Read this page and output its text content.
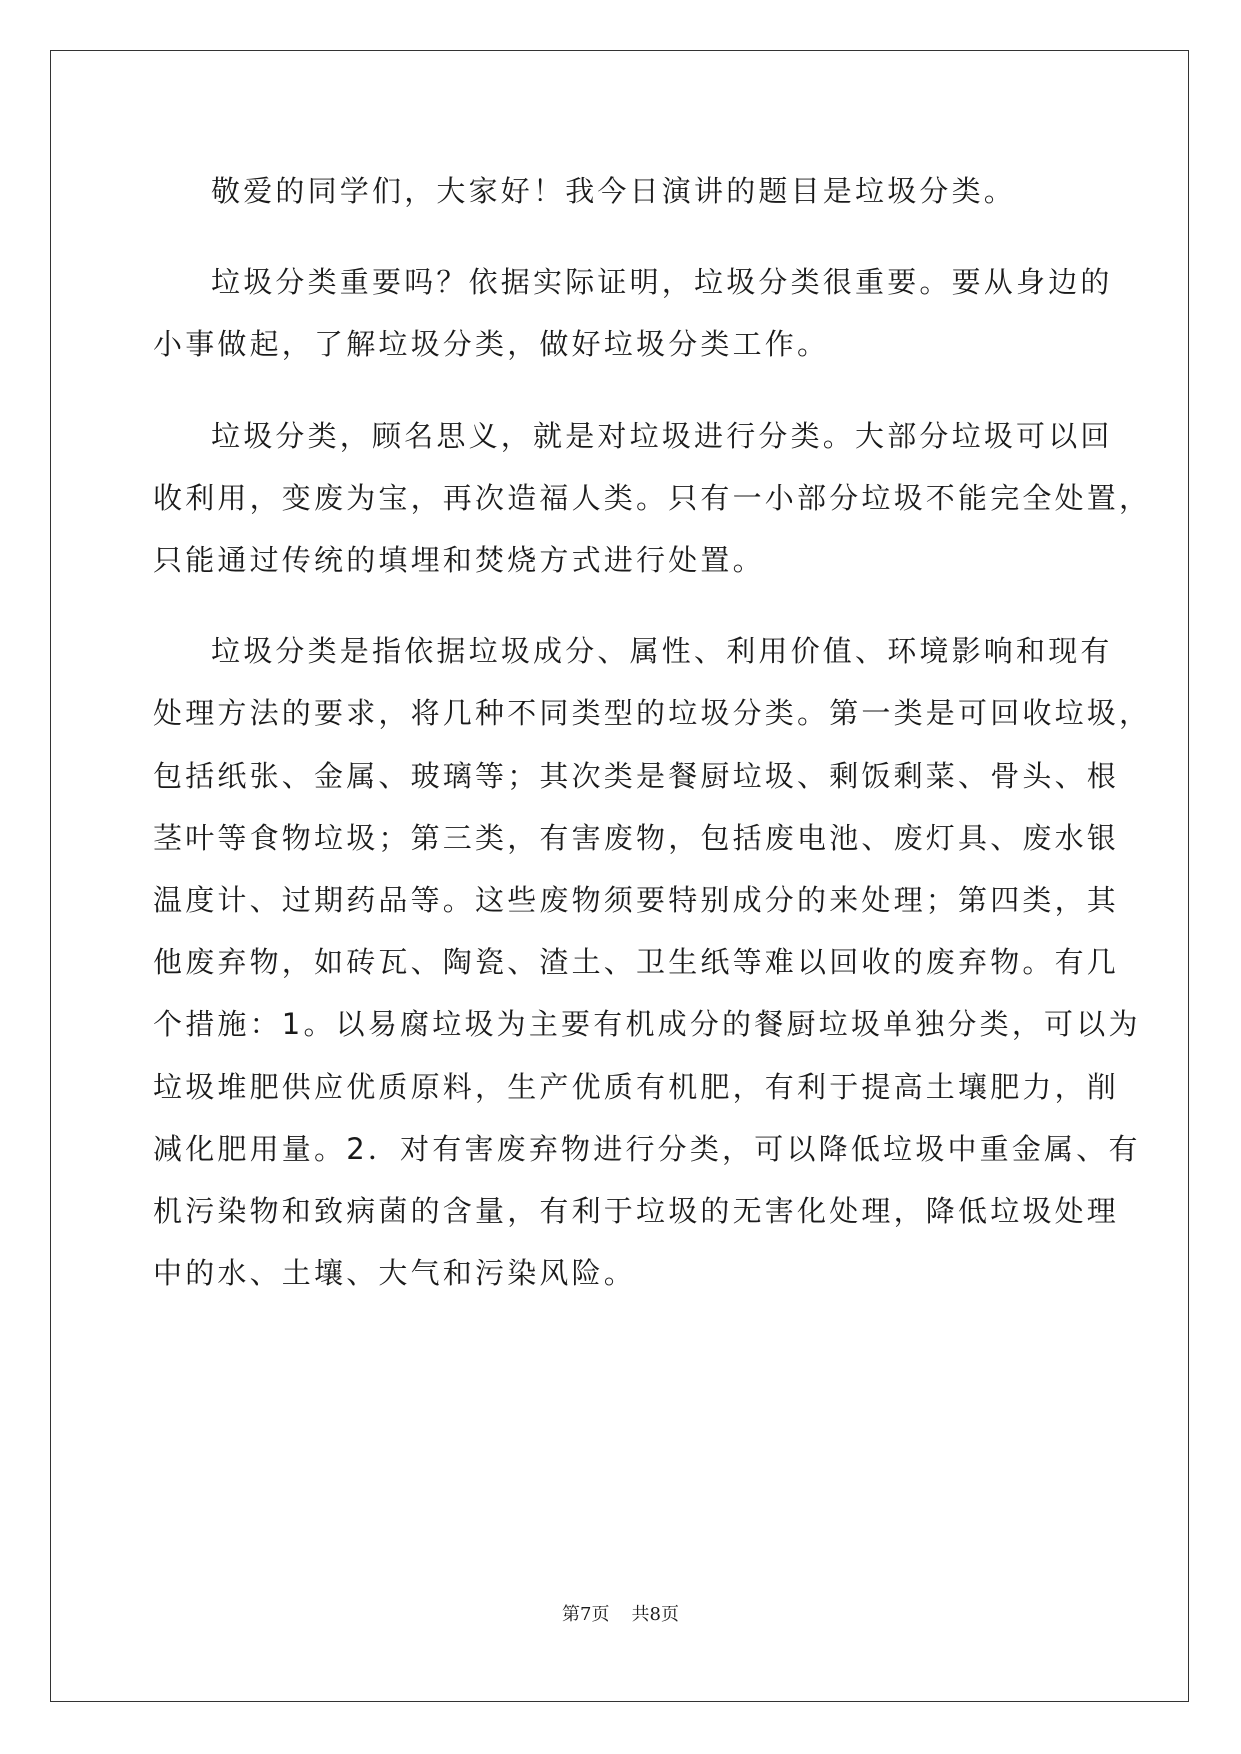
敬爱的同学们，大家好！我今日演讲的题目是垃圾分类。

垃圾分类重要吗？依据实际证明，垃圾分类很重要。要从身边的
小事做起，了解垃圾分类，做好垃圾分类工作。

垃圾分类，顾名思义，就是对垃圾进行分类。大部分垃圾可以回
收利用，变废为宝，再次造福人类。只有一小部分垃圾不能完全处置，
只能通过传统的填埋和焚烧方式进行处置。

垃圾分类是指依据垃圾成分、属性、利用价值、环境影响和现有
处理方法的要求，将几种不同类型的垃圾分类。第一类是可回收垃圾，
包括纸张、金属、玻璃等；其次类是餐厨垃圾、剩饭剩菜、骨头、根
茎叶等食物垃圾；第三类，有害废物，包括废电池、废灯具、废水银
温度计、过期药品等。这些废物须要特别成分的来处理；第四类，其
他废弃物，如砖瓦、陶瓷、渣土、卫生纸等难以回收的废弃物。有几
个措施：1。以易腐垃圾为主要有机成分的餐厨垃圾单独分类，可以为
垃圾堆肥供应优质原料，生产优质有机肥，有利于提高土壤肥力，削
减化肥用量。2．对有害废弃物进行分类，可以降低垃圾中重金属、有
机污染物和致病菌的含量，有利于垃圾的无害化处理，降低垃圾处理
中的水、土壤、大气和污染风险。

第7页 共8页
